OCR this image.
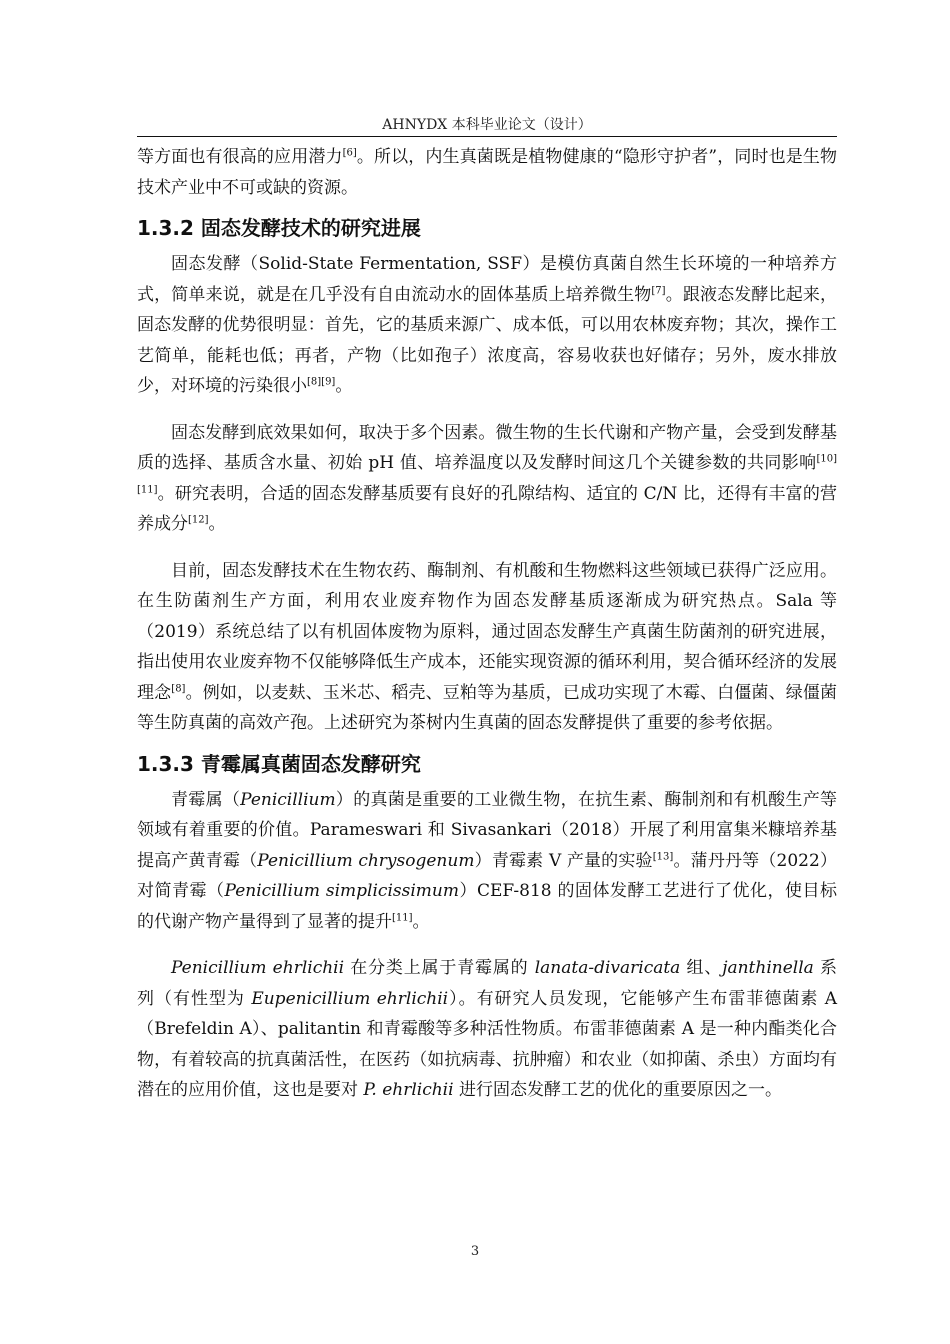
AHNYDX 本科毕业论文（设计）

等方面也有很高的应用潜力[6]。所以，内生真菌既是植物健康的“隐形守护者”，同时也是生物技术产业中不可或缺的资源。

1.3.2 固态发酵技术的研究进展

固态发酵（Solid-State Fermentation, SSF）是模仿真菌自然生长环境的一种培养方式，简单来说，就是在几乎没有自由流动水的固体基质上培养微生物[7]。跟液态发酵比起来，固态发酵的优势很明显：首先，它的基质来源广、成本低，可以用农林废弃物；其次，操作工艺简单，能耗也低；再者，产物（比如孢子）浓度高，容易收获也好储存；另外，废水排放少，对环境的污染很小[8][9]。

固态发酵到底效果如何，取决于多个因素。微生物的生长代谢和产物产量，会受到发酵基质的选择、基质含水量、初始 pH 值、培养温度以及发酵时间这几个关键参数的共同影响[10][11]。研究表明，合适的固态发酵基质要有良好的孔隙结构、适宜的 C/N 比，还得有丰富的营养成分[12]。

目前，固态发酵技术在生物农药、酶制剂、有机酸和生物燃料这些领域已获得广泛应用。在生防菌剂生产方面，利用农业废弃物作为固态发酵基质逐渐成为研究热点。Sala 等（2019）系统总结了以有机固体废物为原料，通过固态发酵生产真菌生防菌剂的研究进展，指出使用农业废弃物不仅能够降低生产成本，还能实现资源的循环利用，契合循环经济的发展理念[8]。例如，以麦麸、玉米芯、稻壳、豆粕等为基质，已成功实现了木霉、白僵菌、绿僵菌等生防真菌的高效产孢。上述研究为茶树内生真菌的固态发酵提供了重要的参考依据。

1.3.3 青霉属真菌固态发酵研究

青霉属（Penicillium）的真菌是重要的工业微生物，在抗生素、酶制剂和有机酸生产等领域有着重要的价值。Parameswari 和 Sivasankari（2018）开展了利用富集米糠培养基提高产黄青霉（Penicillium chrysogenum）青霉素 V 产量的实验[13]。蒲丹丹等（2022）对简青霉（Penicillium simplicissimum）CEF-818 的固体发酵工艺进行了优化，使目标的代谢产物产量得到了显著的提升[11]。

Penicillium ehrlichii 在分类上属于青霉属的 lanata-divaricata 组、janthinella 系列（有性型为 Eupenicillium ehrlichii）。有研究人员发现，它能够产生布雷菲德菌素 A（Brefeldin A）、palitantin 和青霉酸等多种活性物质。布雷菲德菌素 A 是一种内酯类化合物，有着较高的抗真菌活性，在医药（如抗病毒、抗肿瘤）和农业（如抑菌、杀虫）方面均有潜在的应用价值，这也是要对 P. ehrlichii 进行固态发酵工艺的优化的重要原因之一。

3
